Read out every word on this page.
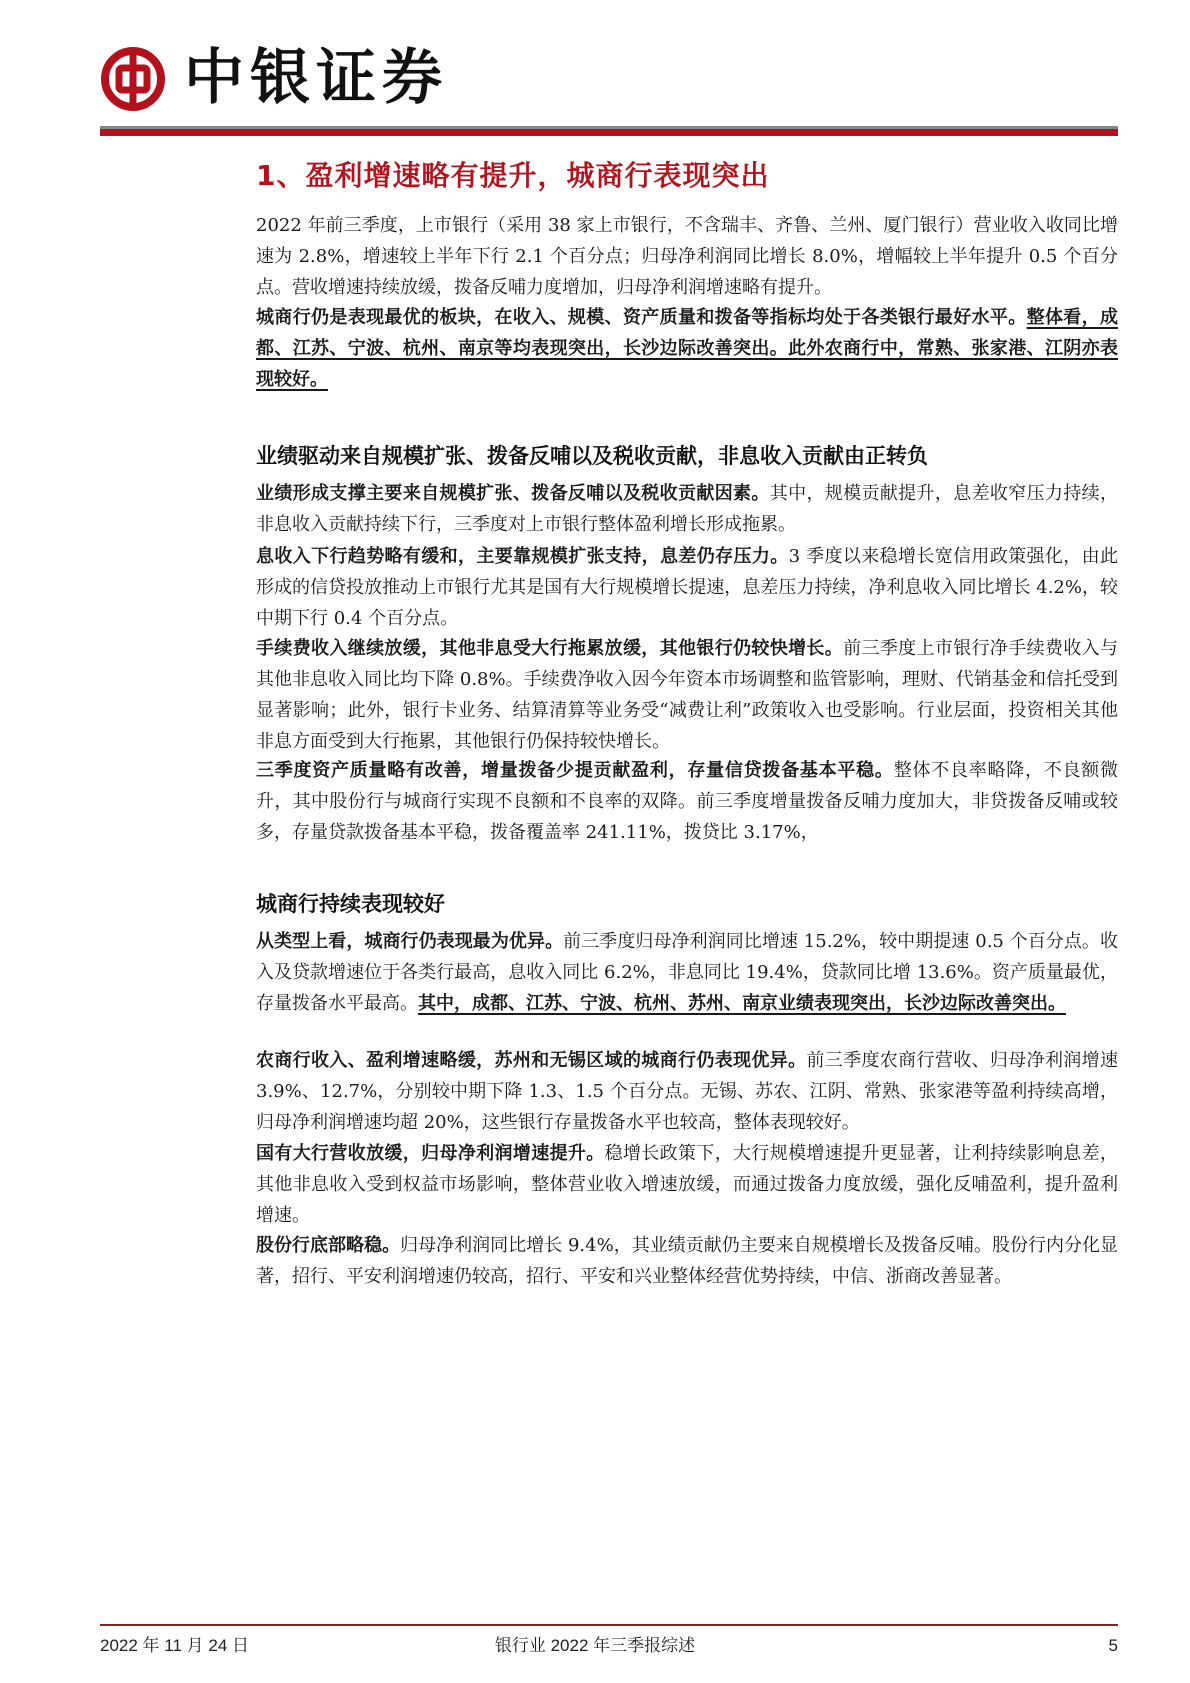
中银证券
1、盈利增速略有提升，城商行表现突出

2022 年前三季度，上市银行（采用 38 家上市银行，不含瑞丰、齐鲁、兰州、厦门银行）营业收入收同比增速为 2.8%，增速较上半年下行 2.1 个百分点；归母净利润同比增长 8.0%，增幅较上半年提升 0.5 个百分点。营收增速持续放缓，拨备反哺力度增加，归母净利润增速略有提升。

城商行仍是表现最优的板块，在收入、规模、资产质量和拨备等指标均处于各类银行最好水平。整体看，成都、江苏、宁波、杭州、南京等均表现突出，长沙边际改善突出。此外农商行中，常熟、张家港、江阴亦表现较好。

业绩驱动来自规模扩张、拨备反哺以及税收贡献，非息收入贡献由正转负

业绩形成支撑主要来自规模扩张、拨备反哺以及税收贡献因素。其中，规模贡献提升，息差收窄压力持续，非息收入贡献持续下行，三季度对上市银行整体盈利增长形成拖累。

息收入下行趋势略有缓和，主要靠规模扩张支持，息差仍存压力。3 季度以来稳增长宽信用政策强化，由此形成的信贷投放推动上市银行尤其是国有大行规模增长提速，息差压力持续，净利息收入同比增长 4.2%，较中期下行 0.4 个百分点。

手续费收入继续放缓，其他非息受大行拖累放缓，其他银行仍较快增长。前三季度上市银行净手续费收入与其他非息收入同比均下降 0.8%。手续费净收入因今年资本市场调整和监管影响，理财、代销基金和信托受到显著影响；此外，银行卡业务、结算清算等业务受“减费让利”政策收入也受影响。行业层面，投资相关其他非息方面受到大行拖累，其他银行仍保持较快增长。

三季度资产质量略有改善，增量拨备少提贡献盈利，存量信贷拨备基本平稳。整体不良率略降，不良额微升，其中股份行与城商行实现不良额和不良率的双降。前三季度增量拨备反哺力度加大，非贷拨备反哺或较多，存量贷款拨备基本平稳，拨备覆盖率 241.11%，拨贷比 3.17%，

城商行持续表现较好

从类型上看，城商行仍表现最为优异。前三季度归母净利润同比增速 15.2%，较中期提速 0.5 个百分点。收入及贷款增速位于各类行最高，息收入同比 6.2%，非息同比 19.4%，贷款同比增 13.6%。资产质量最优，存量拨备水平最高。其中，成都、江苏、宁波、杭州、苏州、南京业绩表现突出，长沙边际改善突出。

农商行收入、盈利增速略缓，苏州和无锡区域的城商行仍表现优异。前三季度农商行营收、归母净利润增速 3.9%、12.7%，分别较中期下降 1.3、1.5 个百分点。无锡、苏农、江阴、常熟、张家港等盈利持续高增，归母净利润增速均超 20%，这些银行存量拨备水平也较高，整体表现较好。

国有大行营收放缓，归母净利润增速提升。稳增长政策下，大行规模增速提升更显著，让利持续影响息差，其他非息收入受到权益市场影响，整体营业收入增速放缓，而通过拨备力度放缓，强化反哺盈利，提升盈利增速。

股份行底部略稳。归母净利润同比增长 9.4%，其业绩贡献仍主要来自规模增长及拨备反哺。股份行内分化显著，招行、平安利润增速仍较高，招行、平安和兴业整体经营优势持续，中信、浙商改善显著。

2022 年 11 月 24 日	银行业 2022 年三季报综述	5
